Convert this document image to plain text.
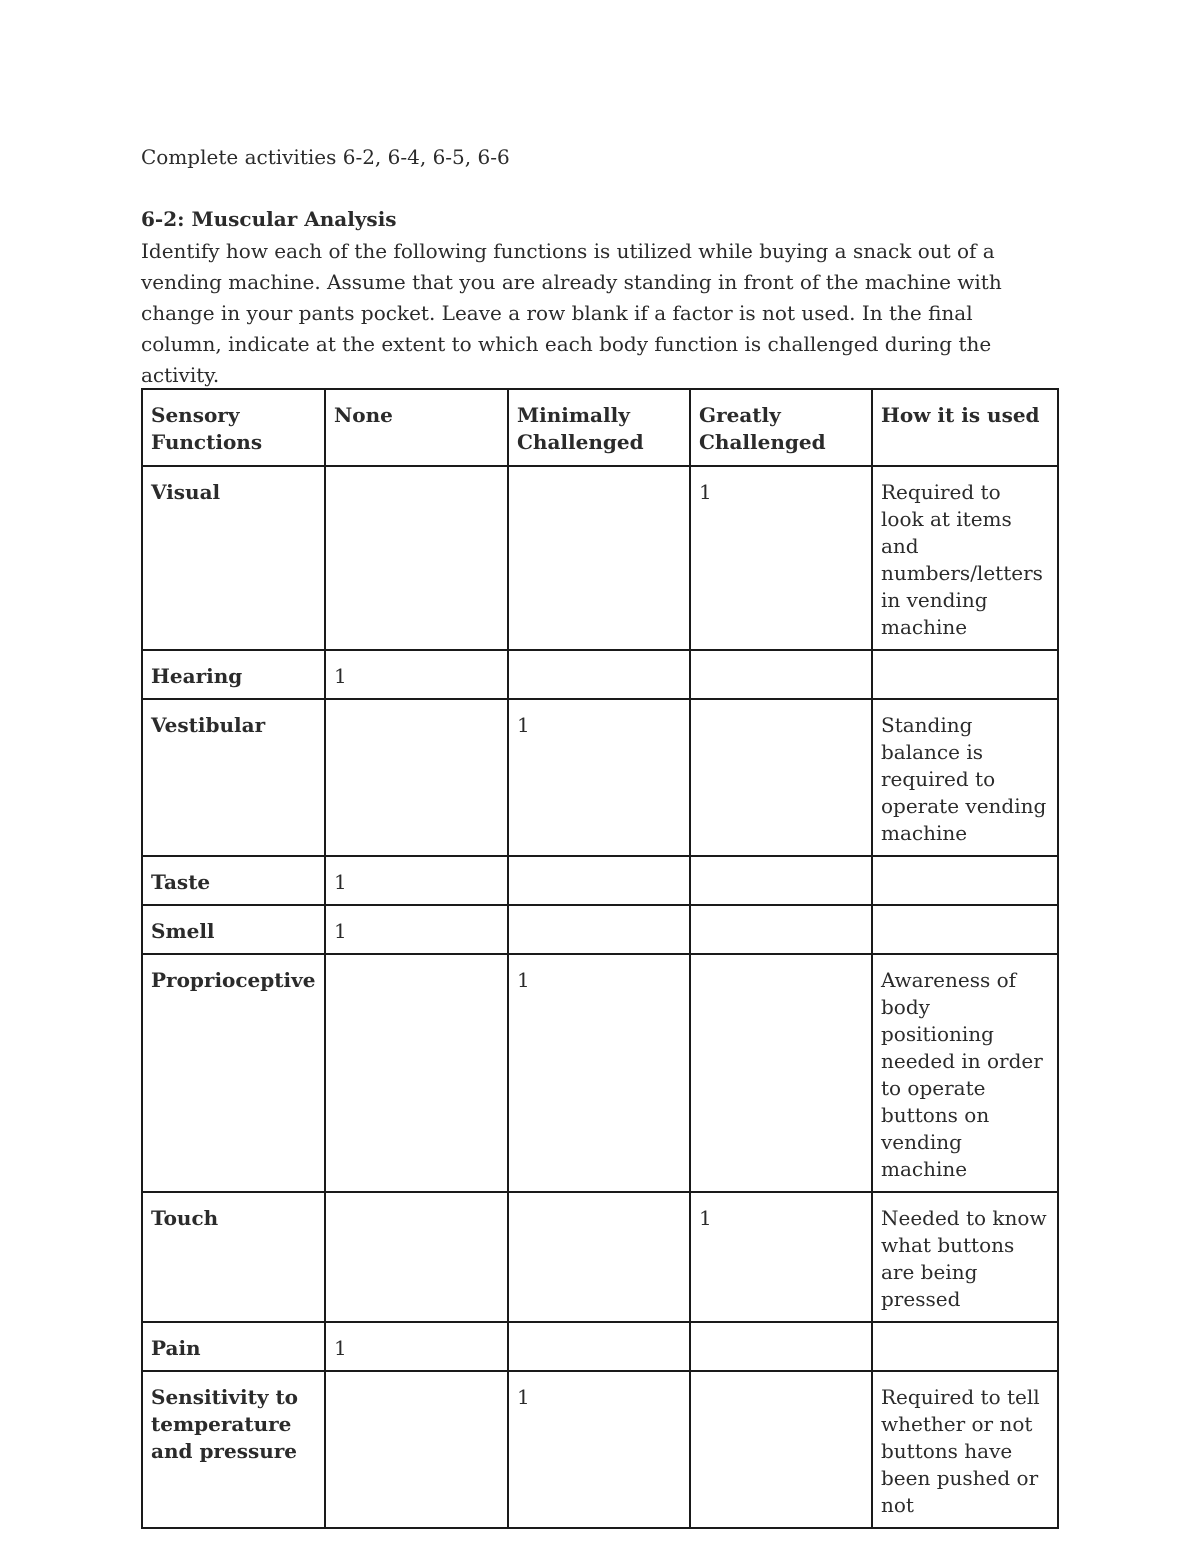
Complete activities 6-2, 6-4, 6-5, 6-6

6-2: Muscular Analysis

Identify how each of the following functions is utilized while buying a snack out of a vending machine. Assume that you are already standing in front of the machine with change in your pants pocket. Leave a row blank if a factor is not used. In the final column, indicate at the extent to which each body function is challenged during the activity.

Sensory Functions	None	Minimally Challenged	Greatly Challenged	How it is used
Visual			1	Required to look at items and numbers/letters in vending machine
Hearing	1			
Vestibular		1		Standing balance is required to operate vending machine
Taste	1			
Smell	1			
Proprioceptive		1		Awareness of body positioning needed in order to operate buttons on vending machine
Touch			1	Needed to know what buttons are being pressed
Pain	1			
Sensitivity to temperature and pressure		1		Required to tell whether or not buttons have been pushed or not
